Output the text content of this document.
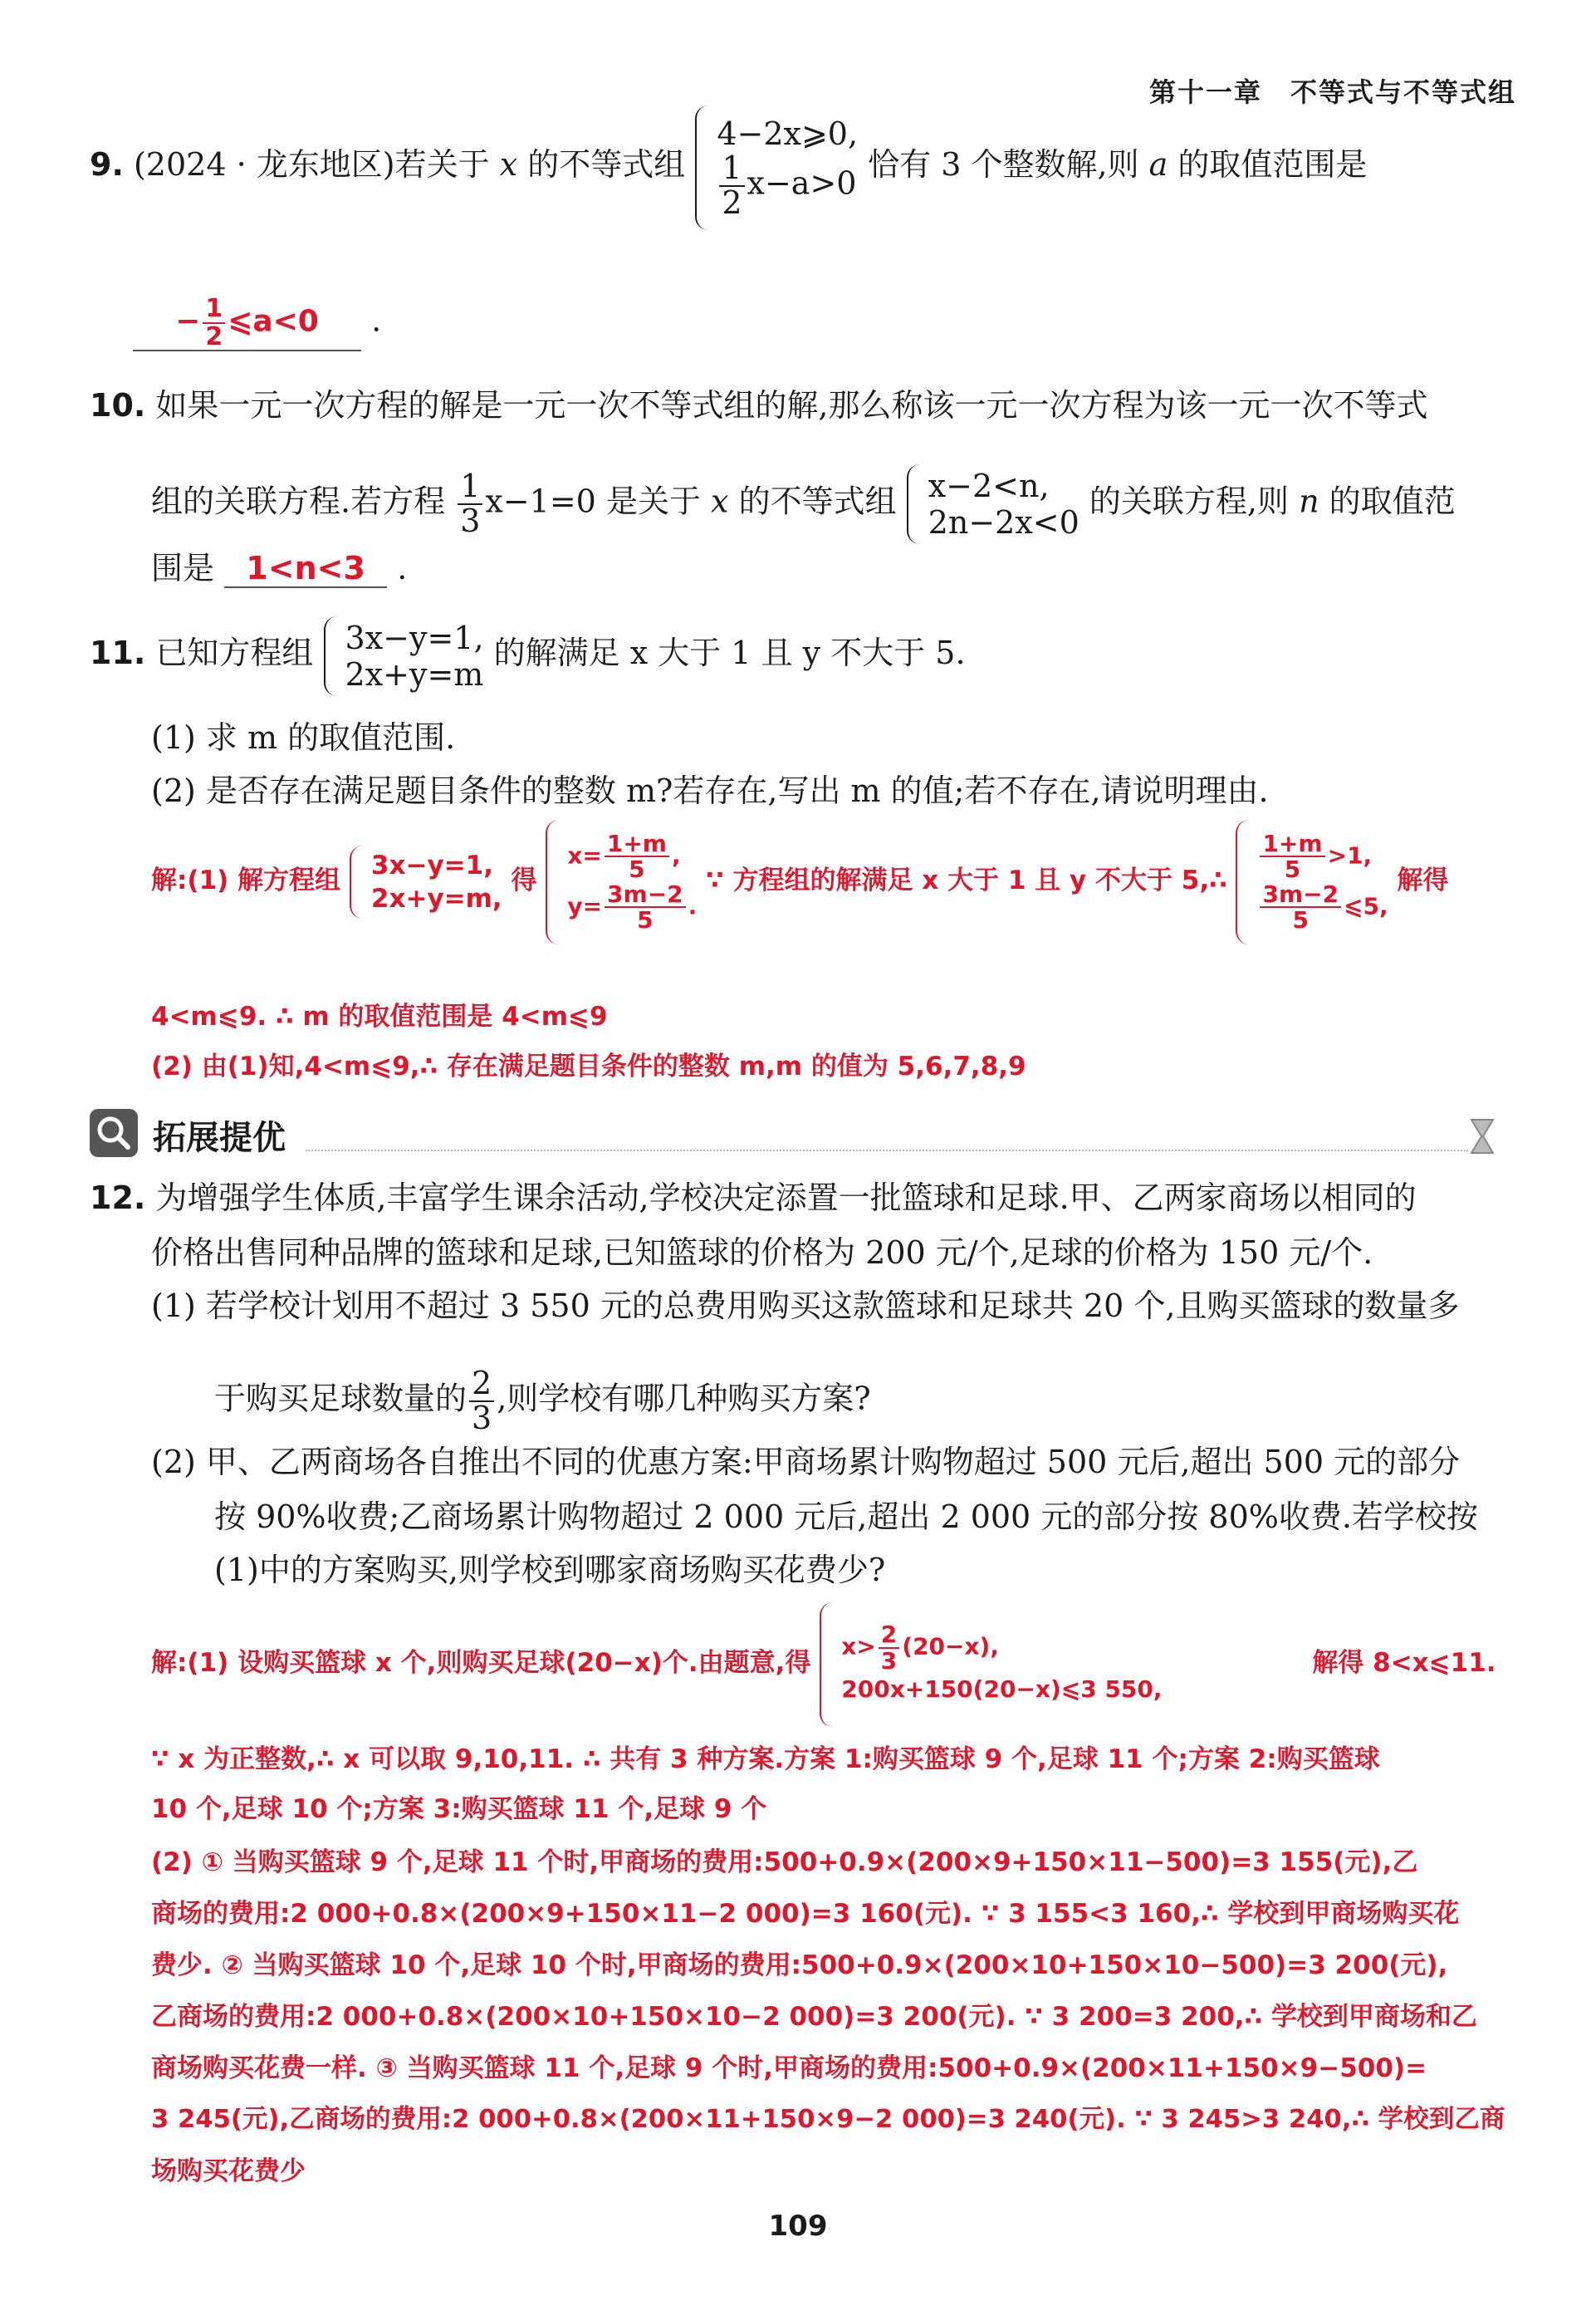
第十一章　不等式与不等式组
9. (2024 · 龙东地区)若关于 x 的不等式组
4−2x⩾0,
$\frac{1}{2} x-a>0$ 恰有 3 个整数解,则 a 的取值范围是
− $\frac{1}{2}$ ⩽a<0 .
10. 如果一元一次方程的解是一元一次不等式组的解,那么称该一元一次方程为该一元一次不等式
组的关联方程.若方程 $\frac{1}{3} x-1=0$ 是关于 x 的不等式组 x−2<n,
2n−2x<0
的关联方程,则 n 的取值范
围是 1<n<3 .
11. 已知方程组 3x−y=1,
2x+y=m
的解满足 x 大于 1 且 y 不大于 5.
(1) 求 m 的取值范围.
(2) 是否存在满足题目条件的整数 m?若存在,写出 m 的值;若不存在,请说明理由.
解:(1) 解方程组
3x−y=1,
2x+y=m,
得
$x= \frac{1+m}{5}$ ,
$y= \frac{3m-2}{5}$ .
∵ 方程组的解满足 x 大于 1 且 y 不大于 5,∴ $\frac{1+m}{5} >1$,
$\frac{3m-2}{5}$ ⩽5,
解得
4<m⩽9. ∴ m 的取值范围是 4<m⩽9
(2) 由(1)知,4<m⩽9,∴ 存在满足题目条件的整数 m,m 的值为 5,6,7,8,9
拓展提优
12. 为增强学生体质,丰富学生课余活动,学校决定添置一批篮球和足球.甲、乙两家商场以相同的
价格出售同种品牌的篮球和足球,已知篮球的价格为 200 元/个,足球的价格为 150 元/个.
(1) 若学校计划用不超过 3 550 元的总费用购买这款篮球和足球共 20 个,且购买篮球的数量多
于购买足球数量的 $\frac{2}{3}$ ,则学校有哪几种购买方案?
(2) 甲、乙两商场各自推出不同的优惠方案:甲商场累计购物超过 500 元后,超出 500 元的部分
按 90%收费;乙商场累计购物超过 2 000 元后,超出 2 000 元的部分按 80%收费.若学校按
(1)中的方案购买,则学校到哪家商场购买花费少?
解:(1) 设购买篮球 x 个,则购买足球(20−x)个.由题意,得
$x> \frac{2}{3} (20-x)$,
200x+150(20−x)⩽3 550,
解得 8<x⩽11.
∵ x 为正整数,∴ x 可以取 9,10,11. ∴ 共有 3 种方案.方案 1:购买篮球 9 个,足球 11 个;方案 2:购买篮球
10 个,足球 10 个;方案 3:购买篮球 11 个,足球 9 个
(2) ① 当购买篮球 9 个,足球 11 个时,甲商场的费用:500+0.9×(200×9+150×11−500)=3 155(元),乙
商场的费用:2 000+0.8×(200×9+150×11−2 000)=3 160(元). ∵ 3 155<3 160,∴ 学校到甲商场购买花
费少. ② 当购买篮球 10 个,足球 10 个时,甲商场的费用:500+0.9×(200×10+150×10−500)=3 200(元),
乙商场的费用:2 000+0.8×(200×10+150×10−2 000)=3 200(元). ∵ 3 200=3 200,∴ 学校到甲商场和乙
商场购买花费一样. ③ 当购买篮球 11 个,足球 9 个时,甲商场的费用:500+0.9×(200×11+150×9−500)=
3 245(元),乙商场的费用:2 000+0.8×(200×11+150×9−2 000)=3 240(元). ∵ 3 245>3 240,∴ 学校到乙商
场购买花费少
109
